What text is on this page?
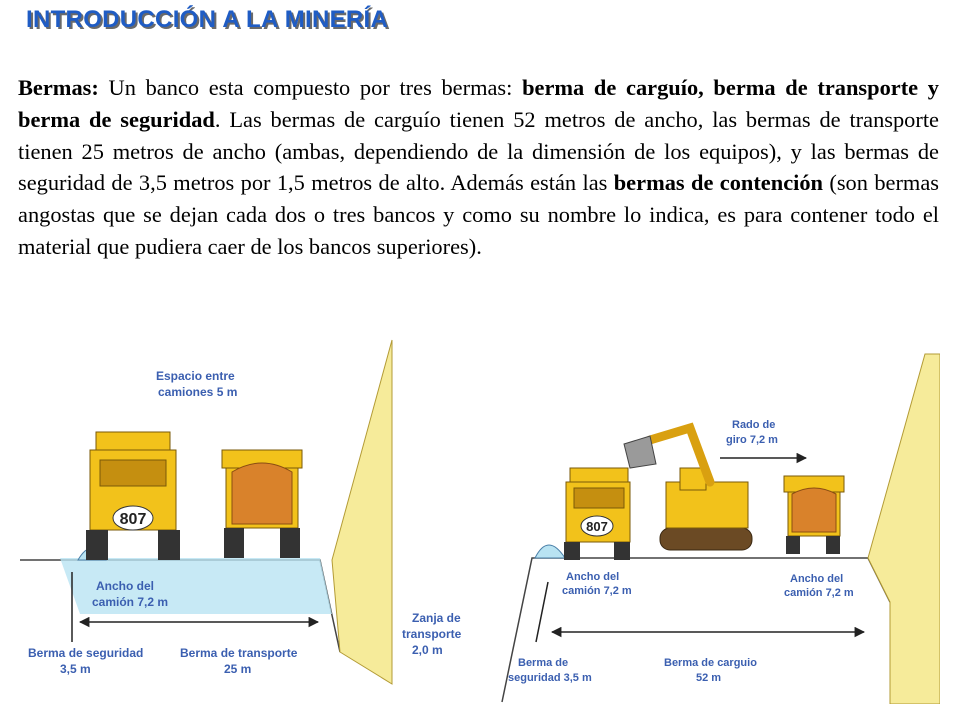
INTRODUCCIÓN A LA MINERÍA

Bermas: Un banco esta compuesto por tres bermas: berma de carguío, berma de transporte y berma de seguridad. Las bermas de carguío tienen 52 metros de ancho, las bermas de transporte tienen 25 metros de ancho (ambas, dependiendo de la dimensión de los equipos), y las bermas de seguridad de 3,5 metros por 1,5 metros de alto. Además están las bermas de contención (son bermas angostas que se dejan cada dos o tres bancos y como su nombre lo indica, es para contener todo el material que pudiera caer de los bancos superiores).

807
Espacio entre
camiones 5 m
Ancho del
camión 7,2 m
Berma de seguridad
3,5 m
Berma de transporte
25 m
Zanja de
transporte
2,0 m
807
Rado de
giro 7,2 m
Ancho del
camión 7,2 m
Ancho del
camión 7,2 m
Berma de
seguridad 3,5 m
Berma de carguio
52 m
